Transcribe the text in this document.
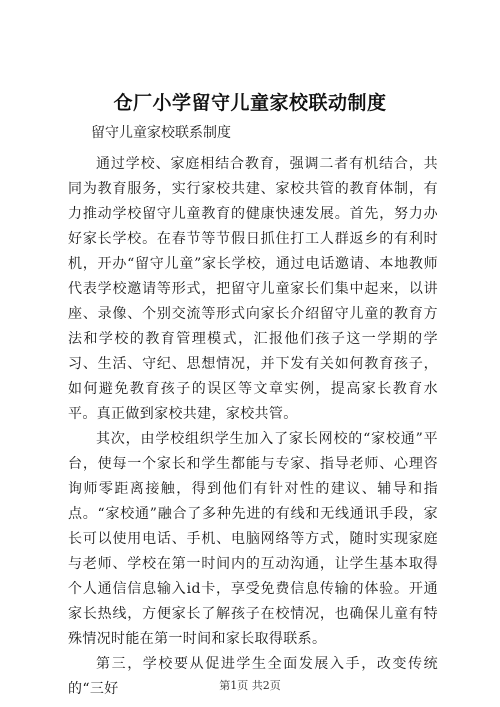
仓厂小学留守儿童家校联动制度
留守儿童家校联系制度

通过学校、家庭相结合教育，强调二者有机结合，共同为教育服务，实行家校共建、家校共管的教育体制，有力推动学校留守儿童教育的健康快速发展。首先，努力办好家长学校。在春节等节假日抓住打工人群返乡的有利时机，开办“留守儿童”家长学校，通过电话邀请、本地教师代表学校邀请等形式，把留守儿童家长们集中起来，以讲座、录像、个别交流等形式向家长介绍留守儿童的教育方法和学校的教育管理模式，汇报他们孩子这一学期的学习、生活、守纪、思想情况，并下发有关如何教育孩子，如何避免教育孩子的误区等文章实例，提高家长教育水平。真正做到家校共建，家校共管。

其次，由学校组织学生加入了家长网校的“家校通”平台，使每一个家长和学生都能与专家、指导老师、心理咨询师零距离接触，得到他们有针对性的建议、辅导和指点。“家校通”融合了多种先进的有线和无线通讯手段，家长可以使用电话、手机、电脑网络等方式，随时实现家庭与老师、学校在第一时间内的互动沟通，让学生基本取得个人通信信息输入id卡，享受免费信息传输的体验。开通家长热线，方便家长了解孩子在校情况，也确保儿童有特殊情况时能在第一时间和家长取得联系。

第三，学校要从促进学生全面发展入手，改变传统的“三好	第1页 共2页
